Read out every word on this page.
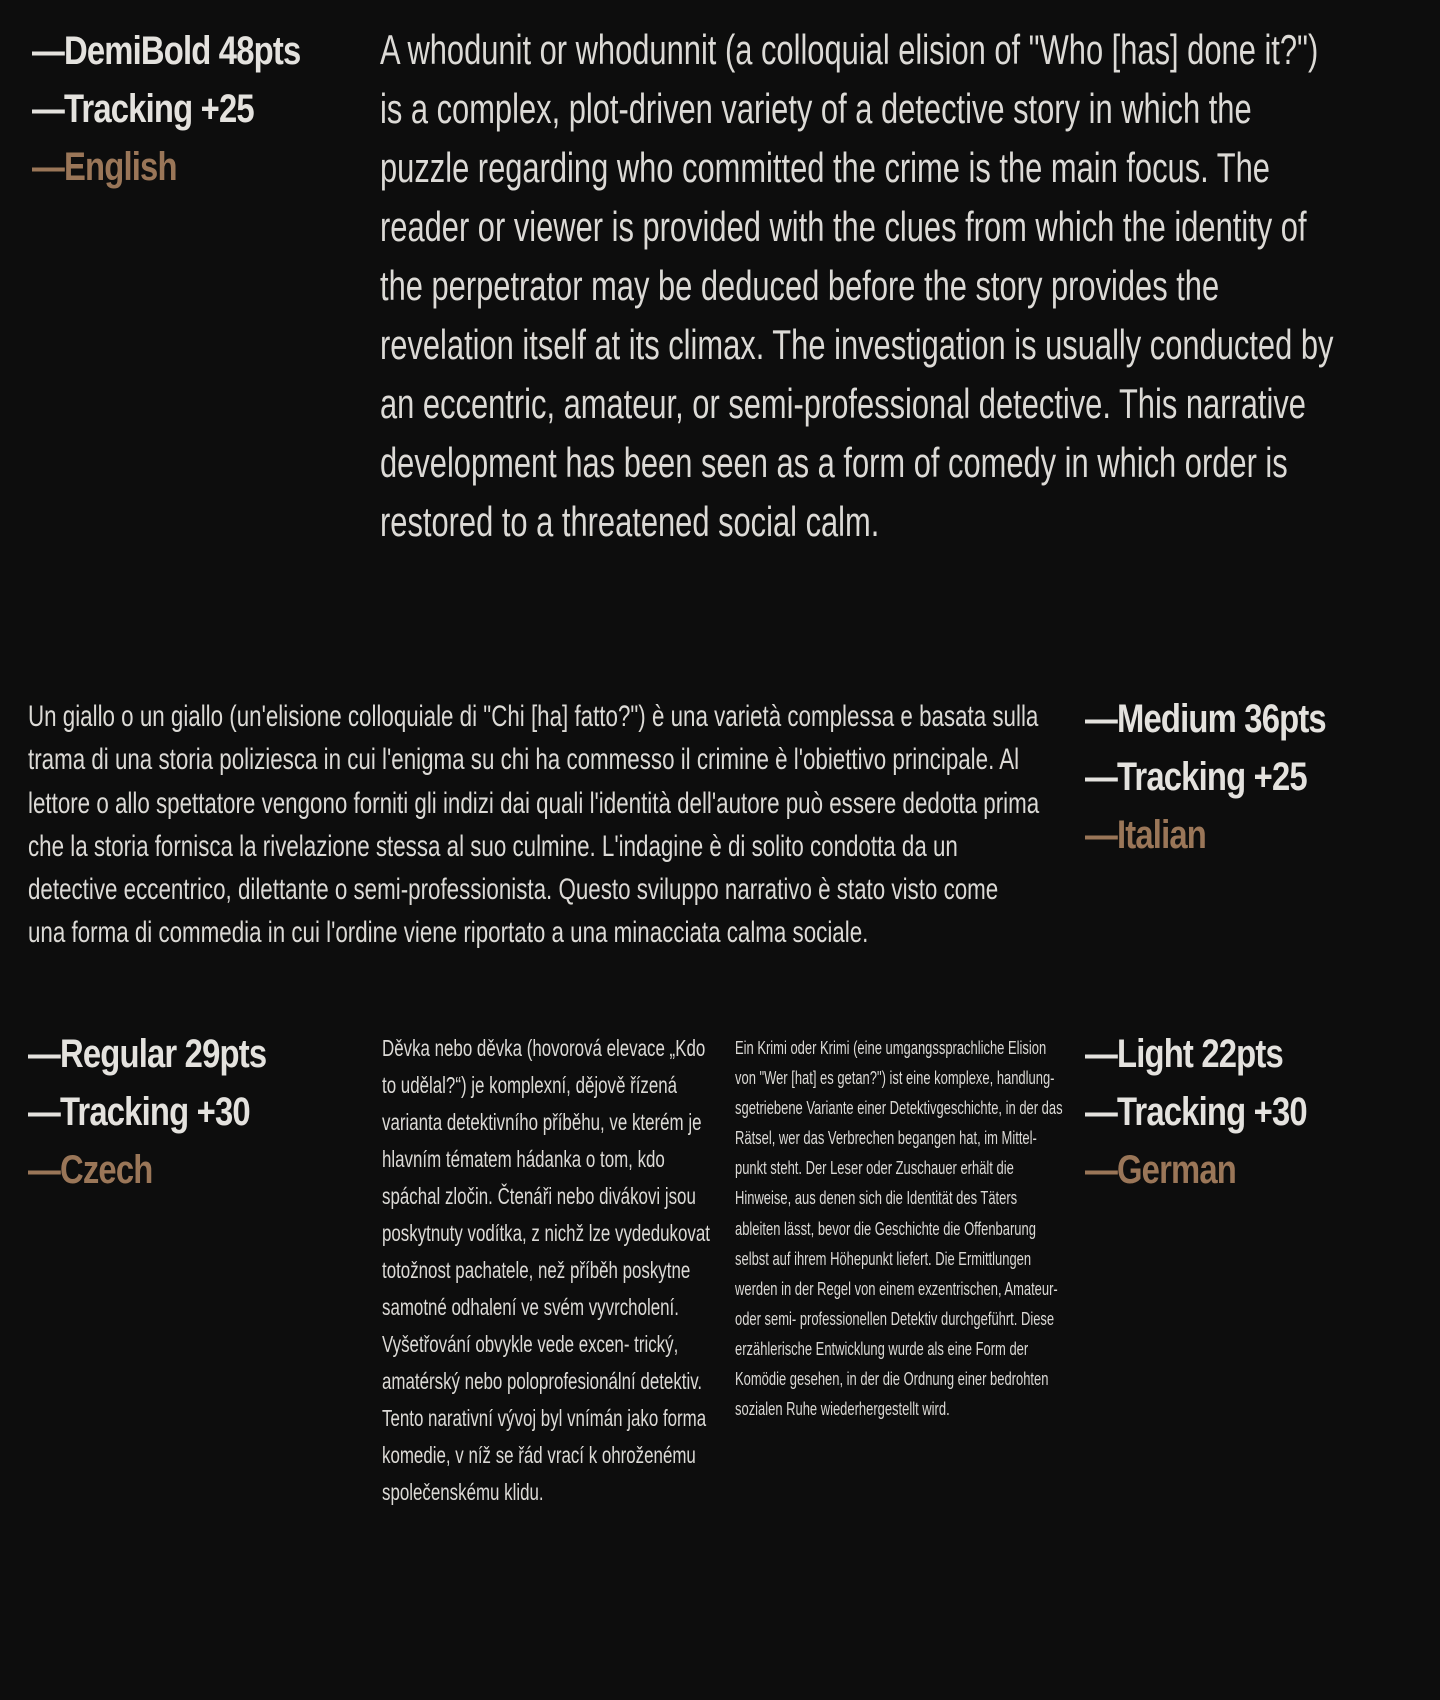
—DemiBold 48pts
—Tracking +25
—English

A whodunit or whodunnit (a colloquial elision of "Who [has] done it?") is a complex, plot-driven variety of a detective story in which the puzzle regarding who committed the crime is the main focus. The reader or viewer is provided with the clues from which the identity of the perpetrator may be deduced before the story provides the revelation itself at its climax. The investigation is usually conducted by an eccentric, amateur, or semi-professional detective. This narrative development has been seen as a form of comedy in which order is restored to a threatened social calm.

Un giallo o un giallo (un'elisione colloquiale di "Chi [ha] fatto?") è una varietà complessa e basata sulla trama di una storia poliziesca in cui l'enigma su chi ha commesso il crimine è l'obiettivo principale. Al lettore o allo spettatore vengono forniti gli indizi dai quali l'identità dell'autore può essere dedotta prima che la storia fornisca la rivelazione stessa al suo culmine. L'indagine è di solito condotta da un detective eccentrico, dilettante o semi-professionista. Questo sviluppo narrativo è stato visto come una forma di commedia in cui l'ordine viene riportato a una minacciata calma sociale.

—Medium 36pts
—Tracking +25
—Italian
—Regular 29pts
—Tracking +30
—Czech

Děvka nebo děvka (hovorová elevace „Kdo to udělal?“) je komplexní, dějově řízená varianta detektivního příběhu, ve kterém je hlavním tématem hádanka o tom, kdo spáchal zločin. Čtenáři nebo divákovi jsou poskytnuty vodítka, z nichž lze vydedukovat totožnost pachatele, než příběh poskytne samotné odhalení ve svém vyvrcholení. Vyšetřování obvykle vede excen- trický, amatérský nebo poloprofesionální detektiv. Tento narativní vývoj byl vnímán jako forma komedie, v níž se řád vrací k ohroženému společenskému klidu.

Ein Krimi oder Krimi (eine umgangssprachliche Elision von "Wer [hat] es getan?") ist eine komplexe, handlung- sgetriebene Variante einer Detektivgeschichte, in der das Rätsel, wer das Verbrechen begangen hat, im Mittel- punkt steht. Der Leser oder Zuschauer erhält die Hinweise, aus denen sich die Identität des Täters ableiten lässt, bevor die Geschichte die Offenbarung selbst auf ihrem Höhepunkt liefert. Die Ermittlungen werden in der Regel von einem exzentrischen, Amateur- oder semi- professionellen Detektiv durchgeführt. Diese erzählerische Entwicklung wurde als eine Form der Komödie gesehen, in der die Ordnung einer bedrohten sozialen Ruhe wiederhergestellt wird.

—Light 22pts
—Tracking +30
—German
